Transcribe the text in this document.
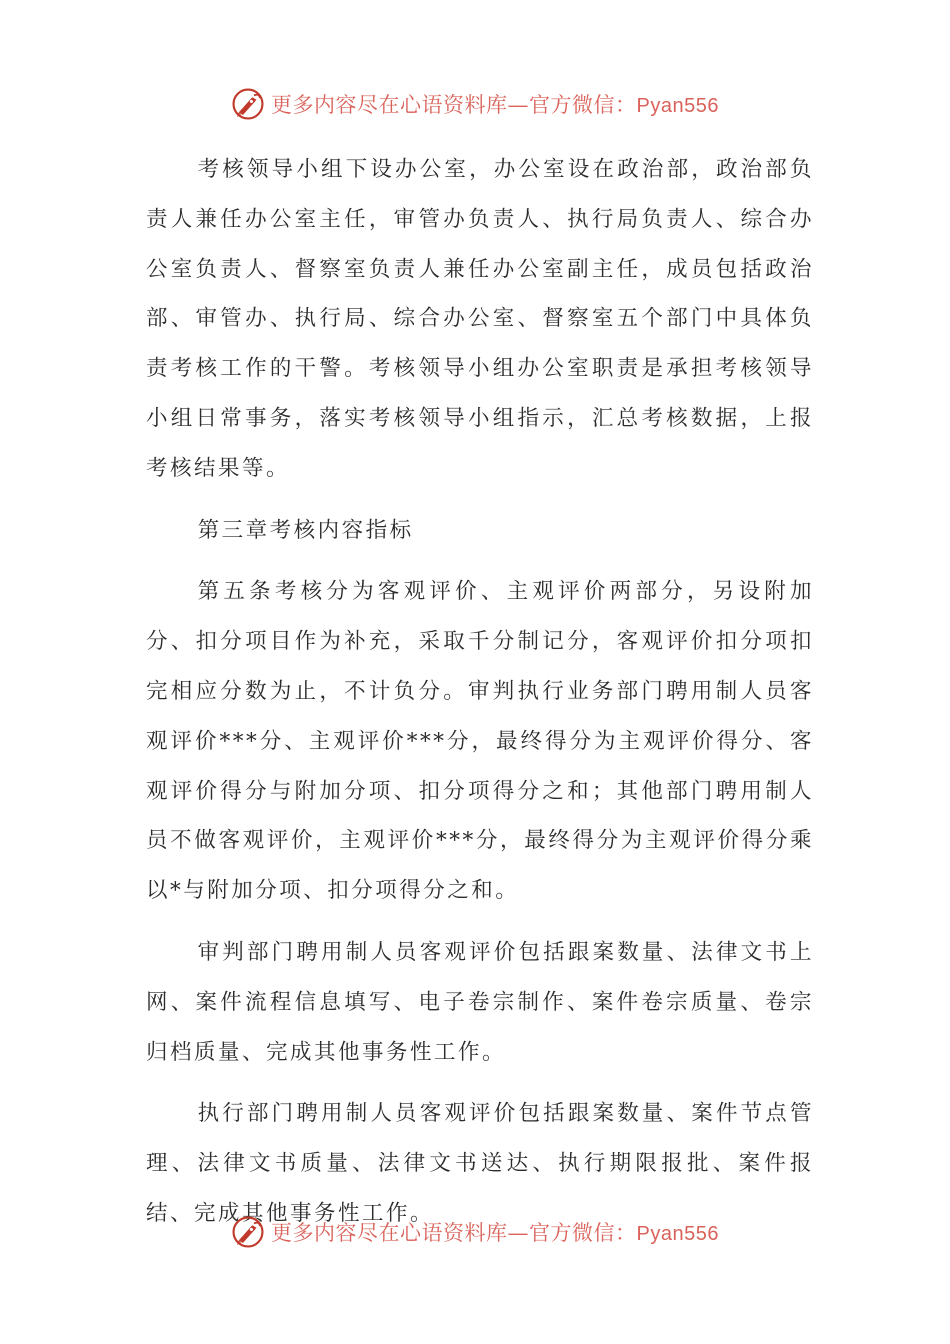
更多内容尽在心语资料库—官方微信：Pyan556

考核领导小组下设办公室，办公室设在政治部，政治部负责人兼任办公室主任，审管办负责人、执行局负责人、综合办公室负责人、督察室负责人兼任办公室副主任，成员包括政治部、审管办、执行局、综合办公室、督察室五个部门中具体负责考核工作的干警。考核领导小组办公室职责是承担考核领导小组日常事务，落实考核领导小组指示，汇总考核数据，上报考核结果等。

第三章考核内容指标

第五条考核分为客观评价、主观评价两部分，另设附加分、扣分项目作为补充，采取千分制记分，客观评价扣分项扣完相应分数为止，不计负分。审判执行业务部门聘用制人员客观评价***分、主观评价***分，最终得分为主观评价得分、客观评价得分与附加分项、扣分项得分之和；其他部门聘用制人员不做客观评价，主观评价***分，最终得分为主观评价得分乘以*与附加分项、扣分项得分之和。

审判部门聘用制人员客观评价包括跟案数量、法律文书上网、案件流程信息填写、电子卷宗制作、案件卷宗质量、卷宗归档质量、完成其他事务性工作。

执行部门聘用制人员客观评价包括跟案数量、案件节点管理、法律文书质量、法律文书送达、执行期限报批、案件报结、完成其他事务性工作。

更多内容尽在心语资料库—官方微信：Pyan556
